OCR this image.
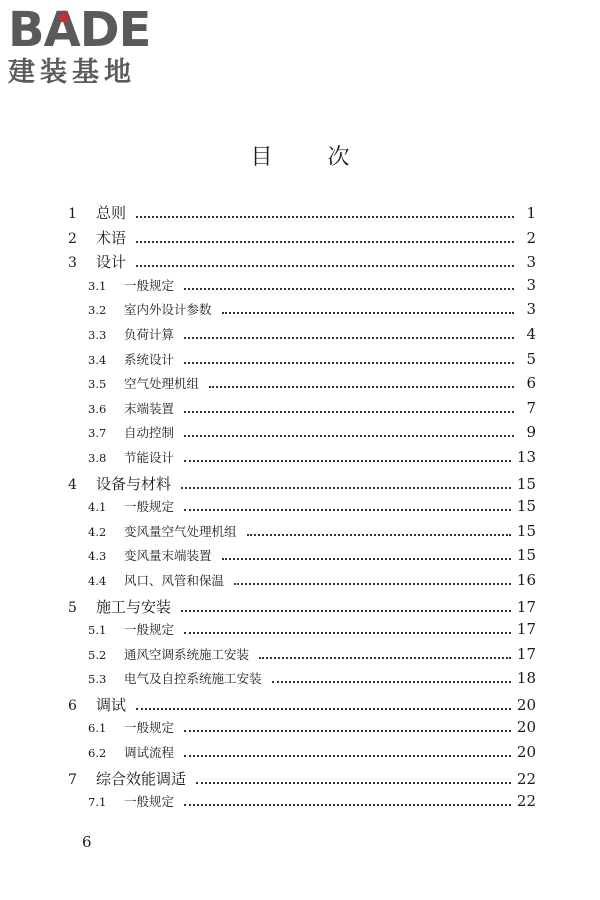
BADE
建装基地
目 次
1	总则	1
2	术语	2
3	设计	3
3.1	一般规定	3
3.2	室内外设计参数	3
3.3	负荷计算	4
3.4	系统设计	5
3.5	空气处理机组	6
3.6	末端装置	7
3.7	自动控制	9
3.8	节能设计	13
4	设备与材料	15
4.1	一般规定	15
4.2	变风量空气处理机组	15
4.3	变风量末端装置	15
4.4	风口、风管和保温	16
5	施工与安装	17
5.1	一般规定	17
5.2	通风空调系统施工安装	17
5.3	电气及自控系统施工安装	18
6	调试	20
6.1	一般规定	20
6.2	调试流程	20
7	综合效能调适	22
7.1	一般规定	22
6
